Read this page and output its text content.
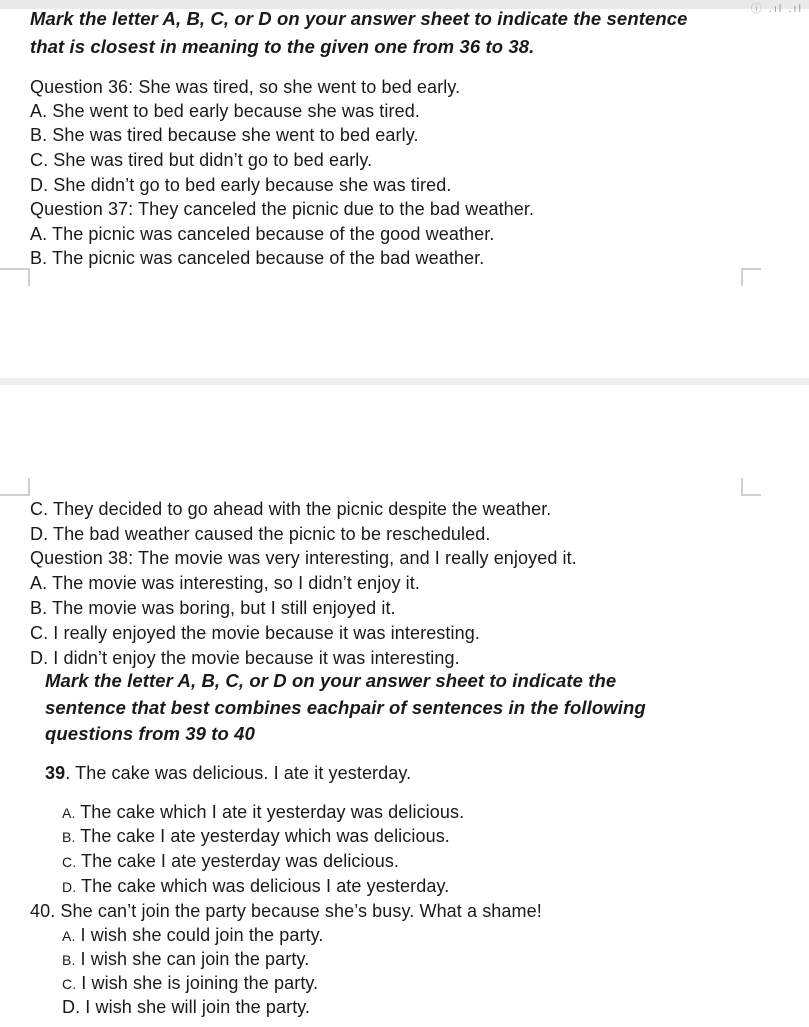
ⓘ .ıl .ıl
Mark the letter A, B, C, or D on your answer sheet to indicate the sentence
that is closest in meaning to the given one from 36 to 38.
Question 36: She was tired, so she went to bed early.
A. She went to bed early because she was tired.
B. She was tired because she went to bed early.
C. She was tired but didn’t go to bed early.
D. She didn’t go to bed early because she was tired.
Question 37: They canceled the picnic due to the bad weather.
A. The picnic was canceled because of the good weather.
B. The picnic was canceled because of the bad weather.
C. They decided to go ahead with the picnic despite the weather.
D. The bad weather caused the picnic to be rescheduled.
Question 38: The movie was very interesting, and I really enjoyed it.
A. The movie was interesting, so I didn’t enjoy it.
B. The movie was boring, but I still enjoyed it.
C. I really enjoyed the movie because it was interesting.
D. I didn’t enjoy the movie because it was interesting.
Mark the letter A, B, C, or D on your answer sheet to indicate the
sentence that best combines eachpair of sentences in the following
questions from 39 to 40
39. The cake was delicious. I ate it yesterday.
A. The cake which I ate it yesterday was delicious.
B. The cake I ate yesterday which was delicious.
C. The cake I ate yesterday was delicious.
D. The cake which was delicious I ate yesterday.
40. She can’t join the party because she’s busy. What a shame!
A. I wish she could join the party.
B. I wish she can join the party.
C. I wish she is joining the party.
D. I wish she will join the party.
